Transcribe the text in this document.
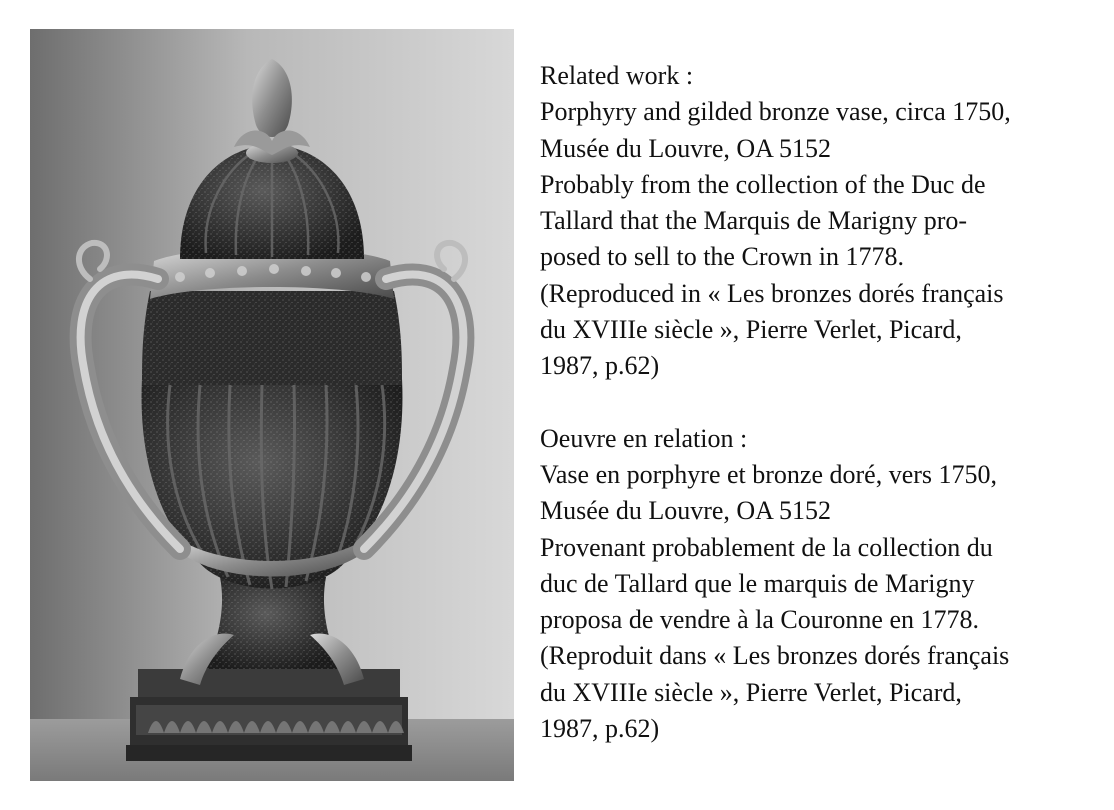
Related work :
Porphyry and gilded bronze vase, circa 1750,
Musée du Louvre, OA 5152
Probably from the collection of the Duc de
Tallard that the Marquis de Marigny pro-
posed to sell to the Crown in 1778.
(Reproduced in « Les bronzes dorés français
du XVIIIe siècle », Pierre Verlet, Picard,
1987, p.62)

Oeuvre en relation :
Vase en porphyre et bronze doré, vers 1750,
Musée du Louvre, OA 5152
Provenant probablement de la collection du
duc de Tallard que le marquis de Marigny
proposa de vendre à la Couronne en 1778.
(Reproduit dans « Les bronzes dorés français
du XVIIIe siècle », Pierre Verlet, Picard,
1987, p.62)
